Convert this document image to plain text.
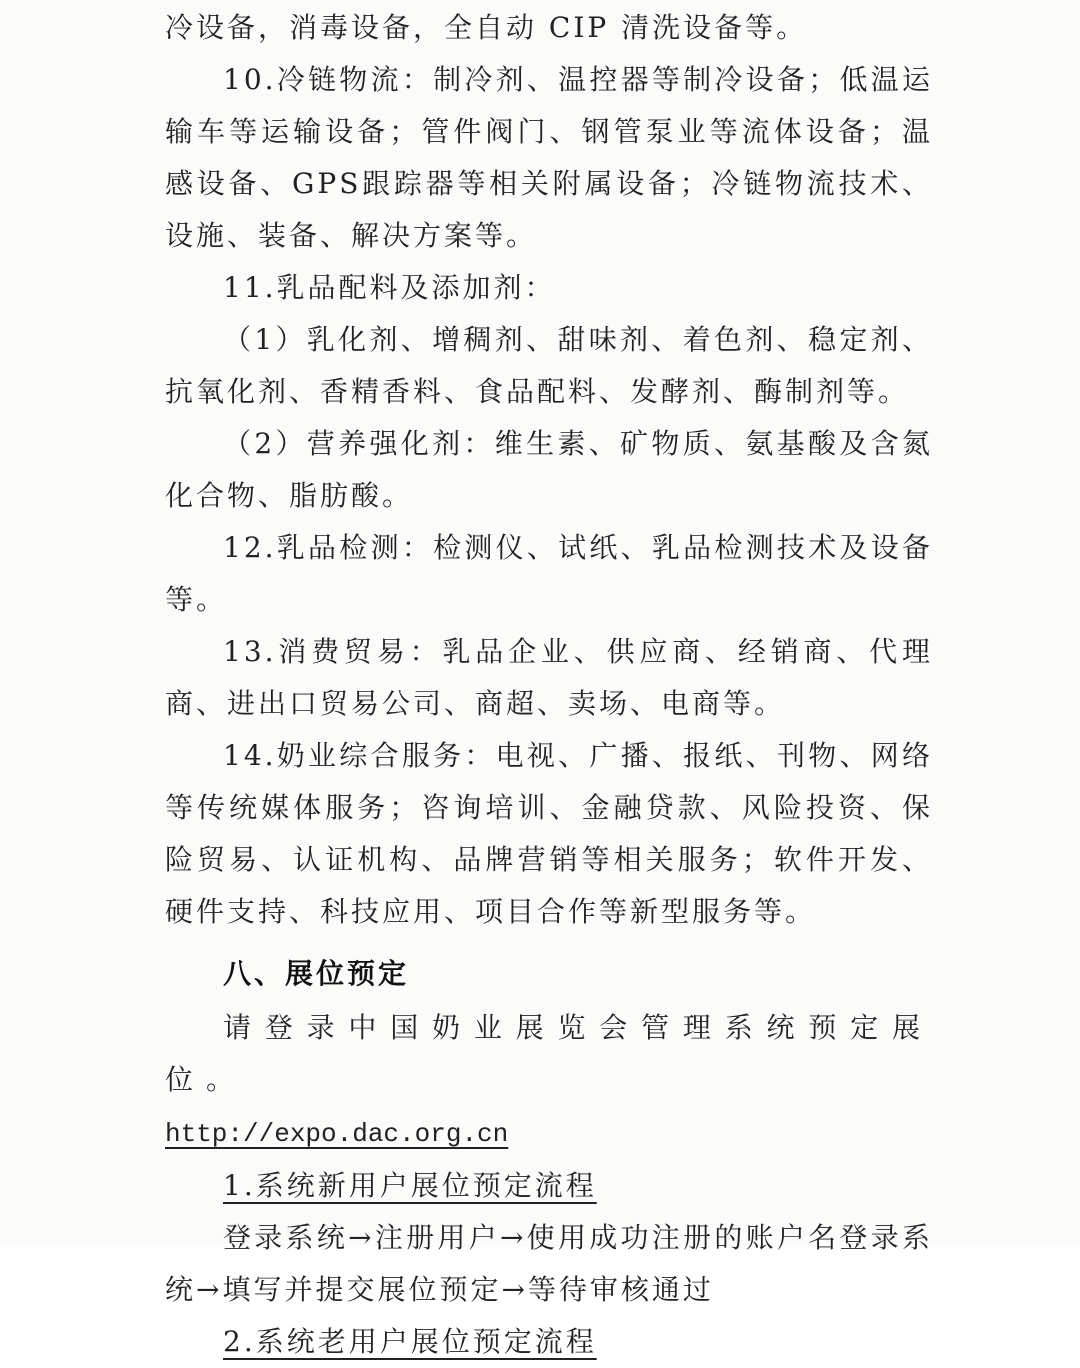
冷设备，消毒设备，全自动 CIP 清洗设备等。

10.冷链物流：制冷剂、温控器等制冷设备；低温运输车等运输设备；管件阀门、钢管泵业等流体设备；温感设备、GPS跟踪器等相关附属设备；冷链物流技术、设施、装备、解决方案等。

11.乳品配料及添加剂：

（1）乳化剂、增稠剂、甜味剂、着色剂、稳定剂、抗氧化剂、香精香料、食品配料、发酵剂、酶制剂等。

（2）营养强化剂：维生素、矿物质、氨基酸及含氮化合物、脂肪酸。

12.乳品检测：检测仪、试纸、乳品检测技术及设备等。

13.消费贸易：乳品企业、供应商、经销商、代理商、进出口贸易公司、商超、卖场、电商等。

14.奶业综合服务：电视、广播、报纸、刊物、网络等传统媒体服务；咨询培训、金融贷款、风险投资、保险贸易、认证机构、品牌营销等相关服务；软件开发、硬件支持、科技应用、项目合作等新型服务等。

八、展位预定

请登录中国奶业展览会管理系统预定展位。

http://expo.dac.org.cn

1.系统新用户展位预定流程

登录系统→注册用户→使用成功注册的账户名登录系统→填写并提交展位预定→等待审核通过

2.系统老用户展位预定流程
